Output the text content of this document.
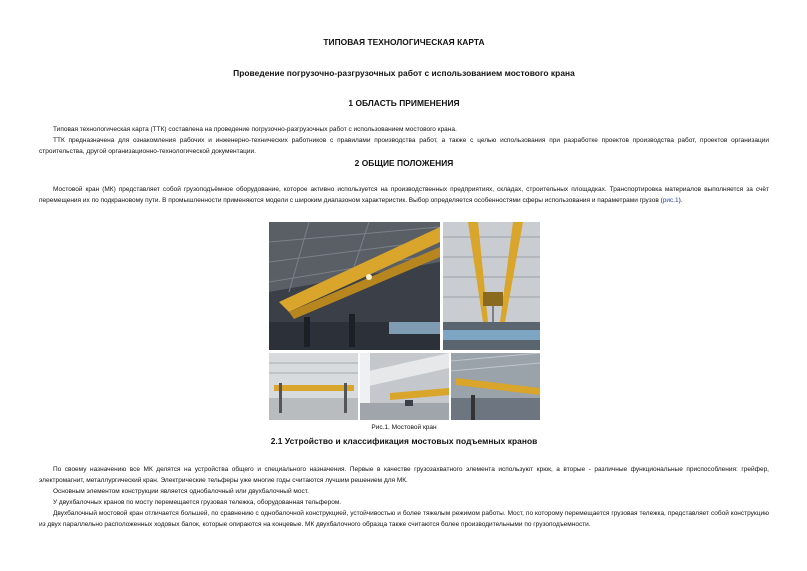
ТИПОВАЯ ТЕХНОЛОГИЧЕСКАЯ КАРТА
Проведение погрузочно-разгрузочных работ с использованием мостового крана
1 ОБЛАСТЬ ПРИМЕНЕНИЯ
Типовая технологическая карта (ТТК) составлена на проведение погрузочно-разгрузочных работ с использованием мостового крана.
ТТК предназначена для ознакомления рабочих и инженерно-технических работников с правилами производства работ, а также с целью использования при разработке проектов производства работ, проектов организации строительства, другой организационно-технологической документации.
2 ОБЩИЕ ПОЛОЖЕНИЯ
Мостовой кран (МК) представляет собой грузоподъёмное оборудование, которое активно используется на производственных предприятиях, складах, строительных площадках. Транспортировка материалов выполняется за счёт перемещения их по подкрановому пути. В промышленности применяются модели с широким диапазоном характеристик. Выбор определяется особенностями сферы использования и параметрами грузов (рис.1).
Рис.1. Мостовой кран
2.1 Устройство и классификация мостовых подъемных кранов
По своему назначению все МК делятся на устройства общего и специального назначения. Первые в качестве грузозахватного элемента используют крюк, а вторые - различные функциональные приспособления: грейфер, электромагнит, металлургический кран. Электрические тельферы уже многие годы считаются лучшим решением для МК.
Основным элементом конструкции является однобалочный или двухбалочный мост.
У двухбалочных кранов по мосту перемещается грузовая тележка, оборудованная тельфером.
Двухбалочный мостовой кран отличается большей, по сравнению с однобалочной конструкцией, устойчивостью и более тяжелым режимом работы. Мост, по которому перемещается грузовая тележка, представляет собой конструкцию из двух параллельно расположенных ходовых балок, которые опираются на концевые. МК двухбалочного образца также считаются более производительными по грузоподъемности.
